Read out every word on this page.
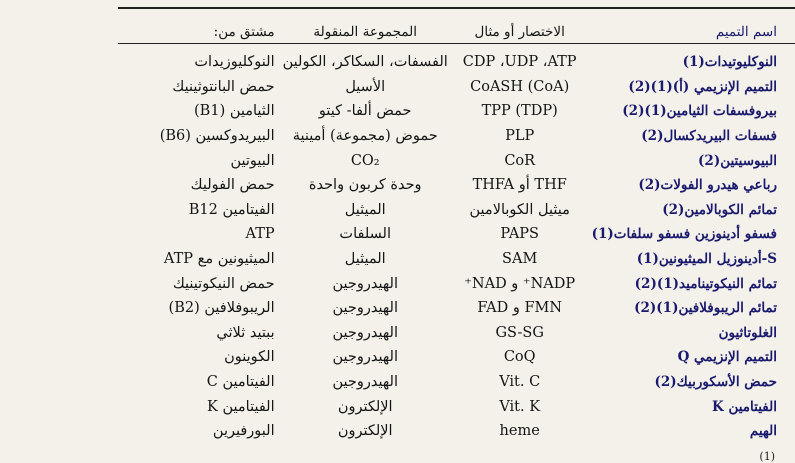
اسم التميم	الاختصار أو مثال	المجموعة المنقولة	مشتق من:

النوكليوتيدات(1)	CDP ،UDP ،ATP	الفسفات، السكاكر، الكولين	النوكليوزيدات
التميم الإنزيمي (أ)(1)(2)	(CoA) CoASH	الأسيل	حمض البانتوثينيك
بيروفسفات الثيامين(1)(2)	(TDP) TPP	حمض ألفا- كيتو	الثيامين (B1)
فسفات البيريدكسال(2)	PLP	حموض (مجموعة) أمينية	البيريدوكسين (B6)
البيوسيتين(2)	CoR	CO₂	البيوتين
رباعي هيدرو الفولات(2)	THF أو THFA	وحدة كربون واحدة	حمض الفوليك
تمائم الكوبالامين(2)	ميثيل الكوبالامين	الميثيل	الفيتامين B12
فسفو أدينوزين فسفو سلفات(1)	PAPS	السلفات	ATP
S-أدينوزيل الميثيونين(1)	SAM	الميثيل	الميثيونين مع ATP
تمائم النيكوتيناميد(1)(2)	NADP⁺ و NAD⁺	الهيدروجين	حمض النيكوتينيك
تمائم الريبوفلافين(1)(2)	FMN و FAD	الهيدروجين	الريبوفلافين (B2)
الغلوتاثيون	GS-SG	الهيدروجين	ببتيد ثلاثي
التميم الإنزيمي Q	CoQ	الهيدروجين	الكوينون
حمض الأسكوربيك(2)	Vit. C	الهيدروجين	الفيتامين C
الفيتامين K	Vit. K	الإلكترون	الفيتامين K
الهيم	heme	الإلكترون	البورفيرين
(1)
